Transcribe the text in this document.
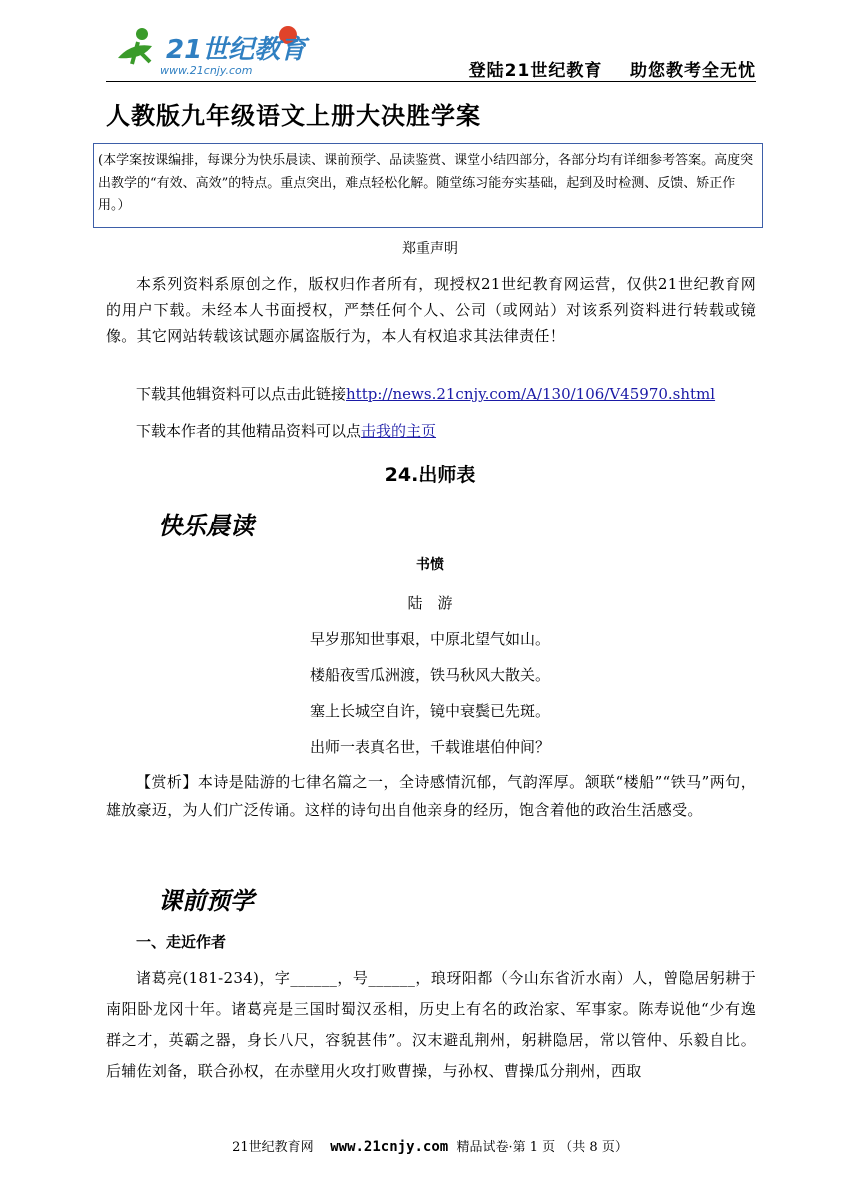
21世纪教育
www.21cnjy.com	登陆21世纪教育    助您教考全无忧
人教版九年级语文上册大决胜学案
(本学案按课编排，每课分为快乐晨读、课前预学、品读鉴赏、课堂小结四部分，各部分均有详细参考答案。高度突出教学的“有效、高效”的特点。重点突出，难点轻松化解。随堂练习能夯实基础，起到及时检测、反馈、矫正作用。）
郑重声明
本系列资料系原创之作，版权归作者所有，现授权21世纪教育网运营，仅供21世纪教育网的用户下载。未经本人书面授权，严禁任何个人、公司（或网站）对该系列资料进行转载或镜像。其它网站转载该试题亦属盗版行为，本人有权追求其法律责任！
下载其他辑资料可以点击此链接http://news.21cnjy.com/A/130/106/V45970.shtml
下载本作者的其他精品资料可以点击我的主页
24.出师表
快乐晨读
书愤
陆　游
早岁那知世事艰，中原北望气如山。
楼船夜雪瓜洲渡，铁马秋风大散关。
塞上长城空自许，镜中衰鬓已先斑。
出师一表真名世，千载谁堪伯仲间？
【赏析】本诗是陆游的七律名篇之一，全诗感情沉郁，气韵浑厚。颔联“楼船”“铁马”两句，雄放豪迈，为人们广泛传诵。这样的诗句出自他亲身的经历，饱含着他的政治生活感受。
课前预学
一、走近作者
诸葛亮(181-234)，字______，号______，琅玡阳都（今山东省沂水南）人，曾隐居躬耕于南阳卧龙冈十年。诸葛亮是三国时蜀汉丞相，历史上有名的政治家、军事家。陈寿说他“少有逸群之才，英霸之器，身长八尺，容貌甚伟”。汉末避乱荆州，躬耕隐居，常以管仲、乐毅自比。后辅佐刘备，联合孙权，在赤壁用火攻打败曹操，与孙权、曹操瓜分荆州，西取
21世纪教育网 www.21cnjy.com 精品试卷·第 1 页 （共 8 页）
